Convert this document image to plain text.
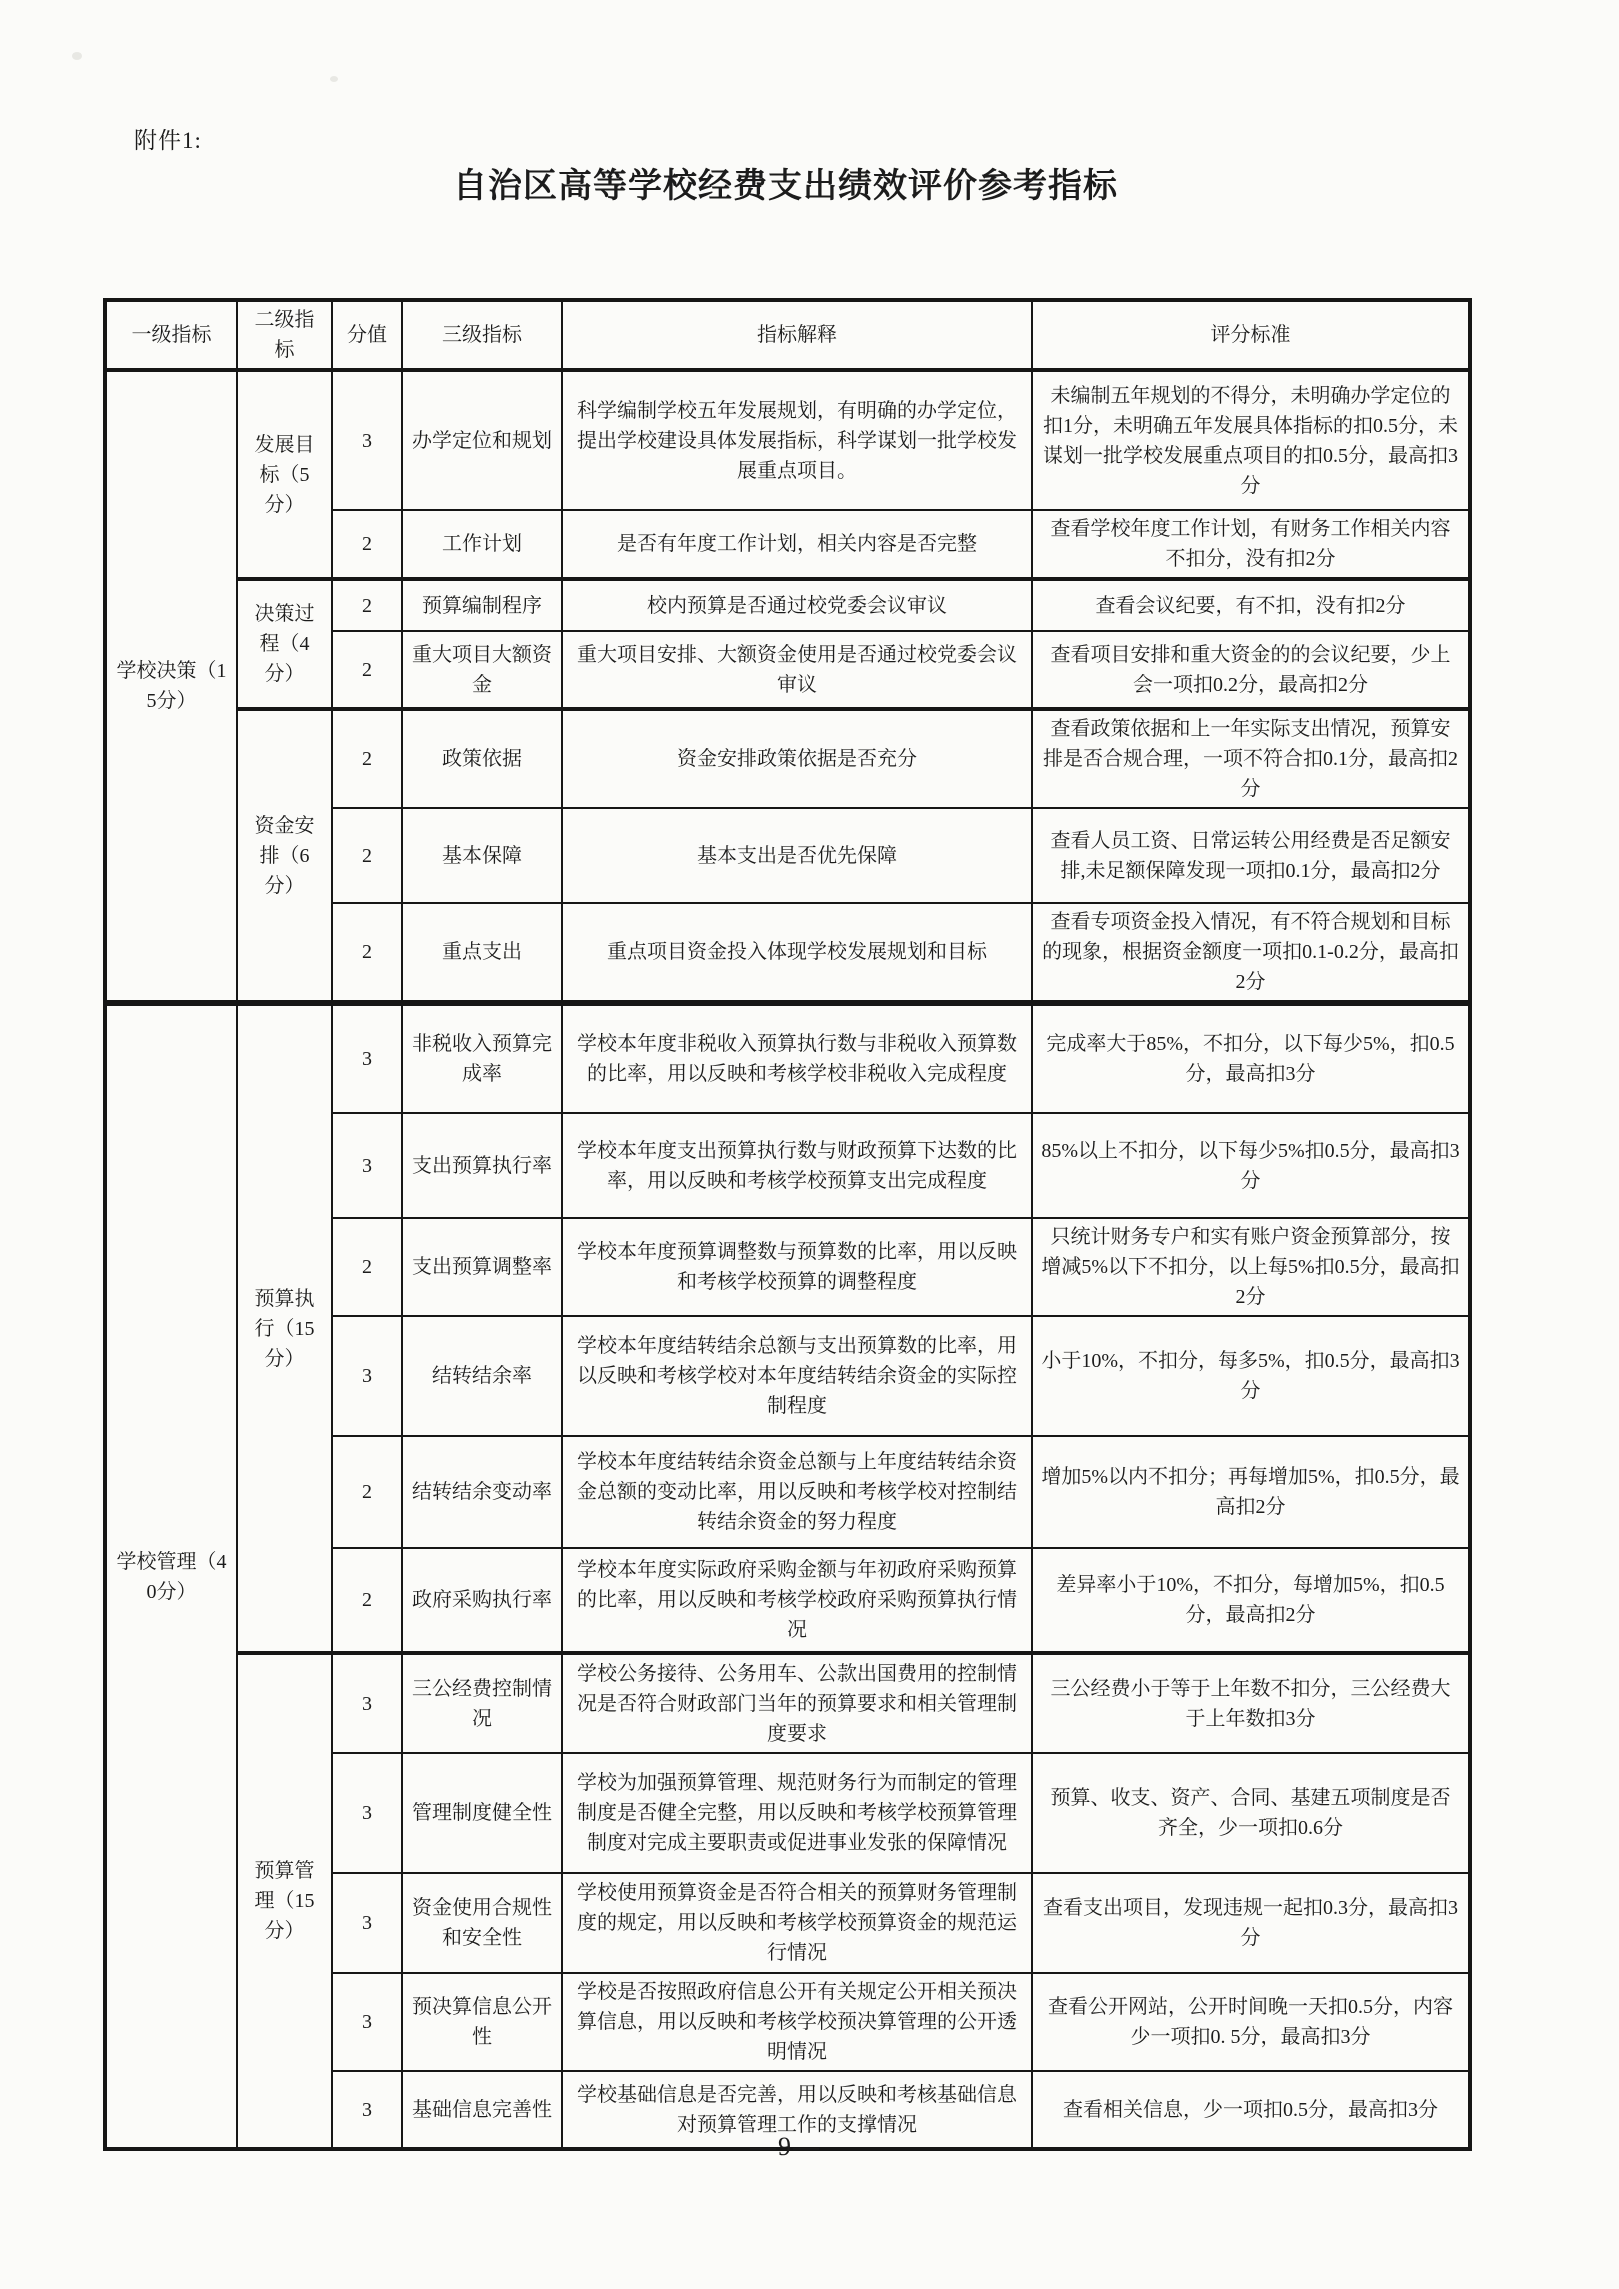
附件1:
自治区高等学校经费支出绩效评价参考指标
一级指标	二级指标	分值	三级指标	指标解释	评分标准
学校决策（15分）	发展目标（5分）	3	办学定位和规划	科学编制学校五年发展规划，有明确的办学定位，提出学校建设具体发展指标，科学谋划一批学校发展重点项目。	未编制五年规划的不得分，未明确办学定位的扣1分，未明确五年发展具体指标的扣0.5分，未谋划一批学校发展重点项目的扣0.5分，最高扣3分
		2	工作计划	是否有年度工作计划，相关内容是否完整	查看学校年度工作计划，有财务工作相关内容不扣分，没有扣2分
	决策过程（4分）	2	预算编制程序	校内预算是否通过校党委会议审议	查看会议纪要，有不扣，没有扣2分
		2	重大项目大额资金	重大项目安排、大额资金使用是否通过校党委会议审议	查看项目安排和重大资金的的会议纪要，少上会一项扣0.2分，最高扣2分
	资金安排（6分）	2	政策依据	资金安排政策依据是否充分	查看政策依据和上一年实际支出情况，预算安排是否合规合理，一项不符合扣0.1分，最高扣2分
		2	基本保障	基本支出是否优先保障	查看人员工资、日常运转公用经费是否足额安排,未足额保障发现一项扣0.1分，最高扣2分
		2	重点支出	重点项目资金投入体现学校发展规划和目标	查看专项资金投入情况，有不符合规划和目标的现象，根据资金额度一项扣0.1-0.2分，最高扣2分
学校管理（40分）	预算执行（15分）	3	非税收入预算完成率	学校本年度非税收入预算执行数与非税收入预算数的比率，用以反映和考核学校非税收入完成程度	完成率大于85%，不扣分，以下每少5%，扣0.5分，最高扣3分
		3	支出预算执行率	学校本年度支出预算执行数与财政预算下达数的比率，用以反映和考核学校预算支出完成程度	85%以上不扣分，以下每少5%扣0.5分，最高扣3分
		2	支出预算调整率	学校本年度预算调整数与预算数的比率，用以反映和考核学校预算的调整程度	只统计财务专户和实有账户资金预算部分，按增减5%以下不扣分，以上每5%扣0.5分，最高扣2分
		3	结转结余率	学校本年度结转结余总额与支出预算数的比率，用以反映和考核学校对本年度结转结余资金的实际控制程度	小于10%，不扣分，每多5%，扣0.5分，最高扣3分
		2	结转结余变动率	学校本年度结转结余资金总额与上年度结转结余资金总额的变动比率，用以反映和考核学校对控制结转结余资金的努力程度	增加5%以内不扣分；再每增加5%，扣0.5分，最高扣2分
		2	政府采购执行率	学校本年度实际政府采购金额与年初政府采购预算的比率，用以反映和考核学校政府采购预算执行情况	差异率小于10%，不扣分，每增加5%，扣0.5分，最高扣2分
	预算管理（15分）	3	三公经费控制情况	学校公务接待、公务用车、公款出国费用的控制情况是否符合财政部门当年的预算要求和相关管理制度要求	三公经费小于等于上年数不扣分，三公经费大于上年数扣3分
		3	管理制度健全性	学校为加强预算管理、规范财务行为而制定的管理制度是否健全完整，用以反映和考核学校预算管理制度对完成主要职责或促进事业发张的保障情况	预算、收支、资产、合同、基建五项制度是否齐全，少一项扣0.6分
		3	资金使用合规性和安全性	学校使用预算资金是否符合相关的预算财务管理制度的规定，用以反映和考核学校预算资金的规范运行情况	查看支出项目，发现违规一起扣0.3分，最高扣3分
		3	预决算信息公开性	学校是否按照政府信息公开有关规定公开相关预决算信息，用以反映和考核学校预决算管理的公开透明情况	查看公开网站，公开时间晚一天扣0.5分，内容少一项扣0. 5分，最高扣3分
		3	基础信息完善性	学校基础信息是否完善，用以反映和考核基础信息对预算管理工作的支撑情况	查看相关信息，少一项扣0.5分，最高扣3分
—9—
